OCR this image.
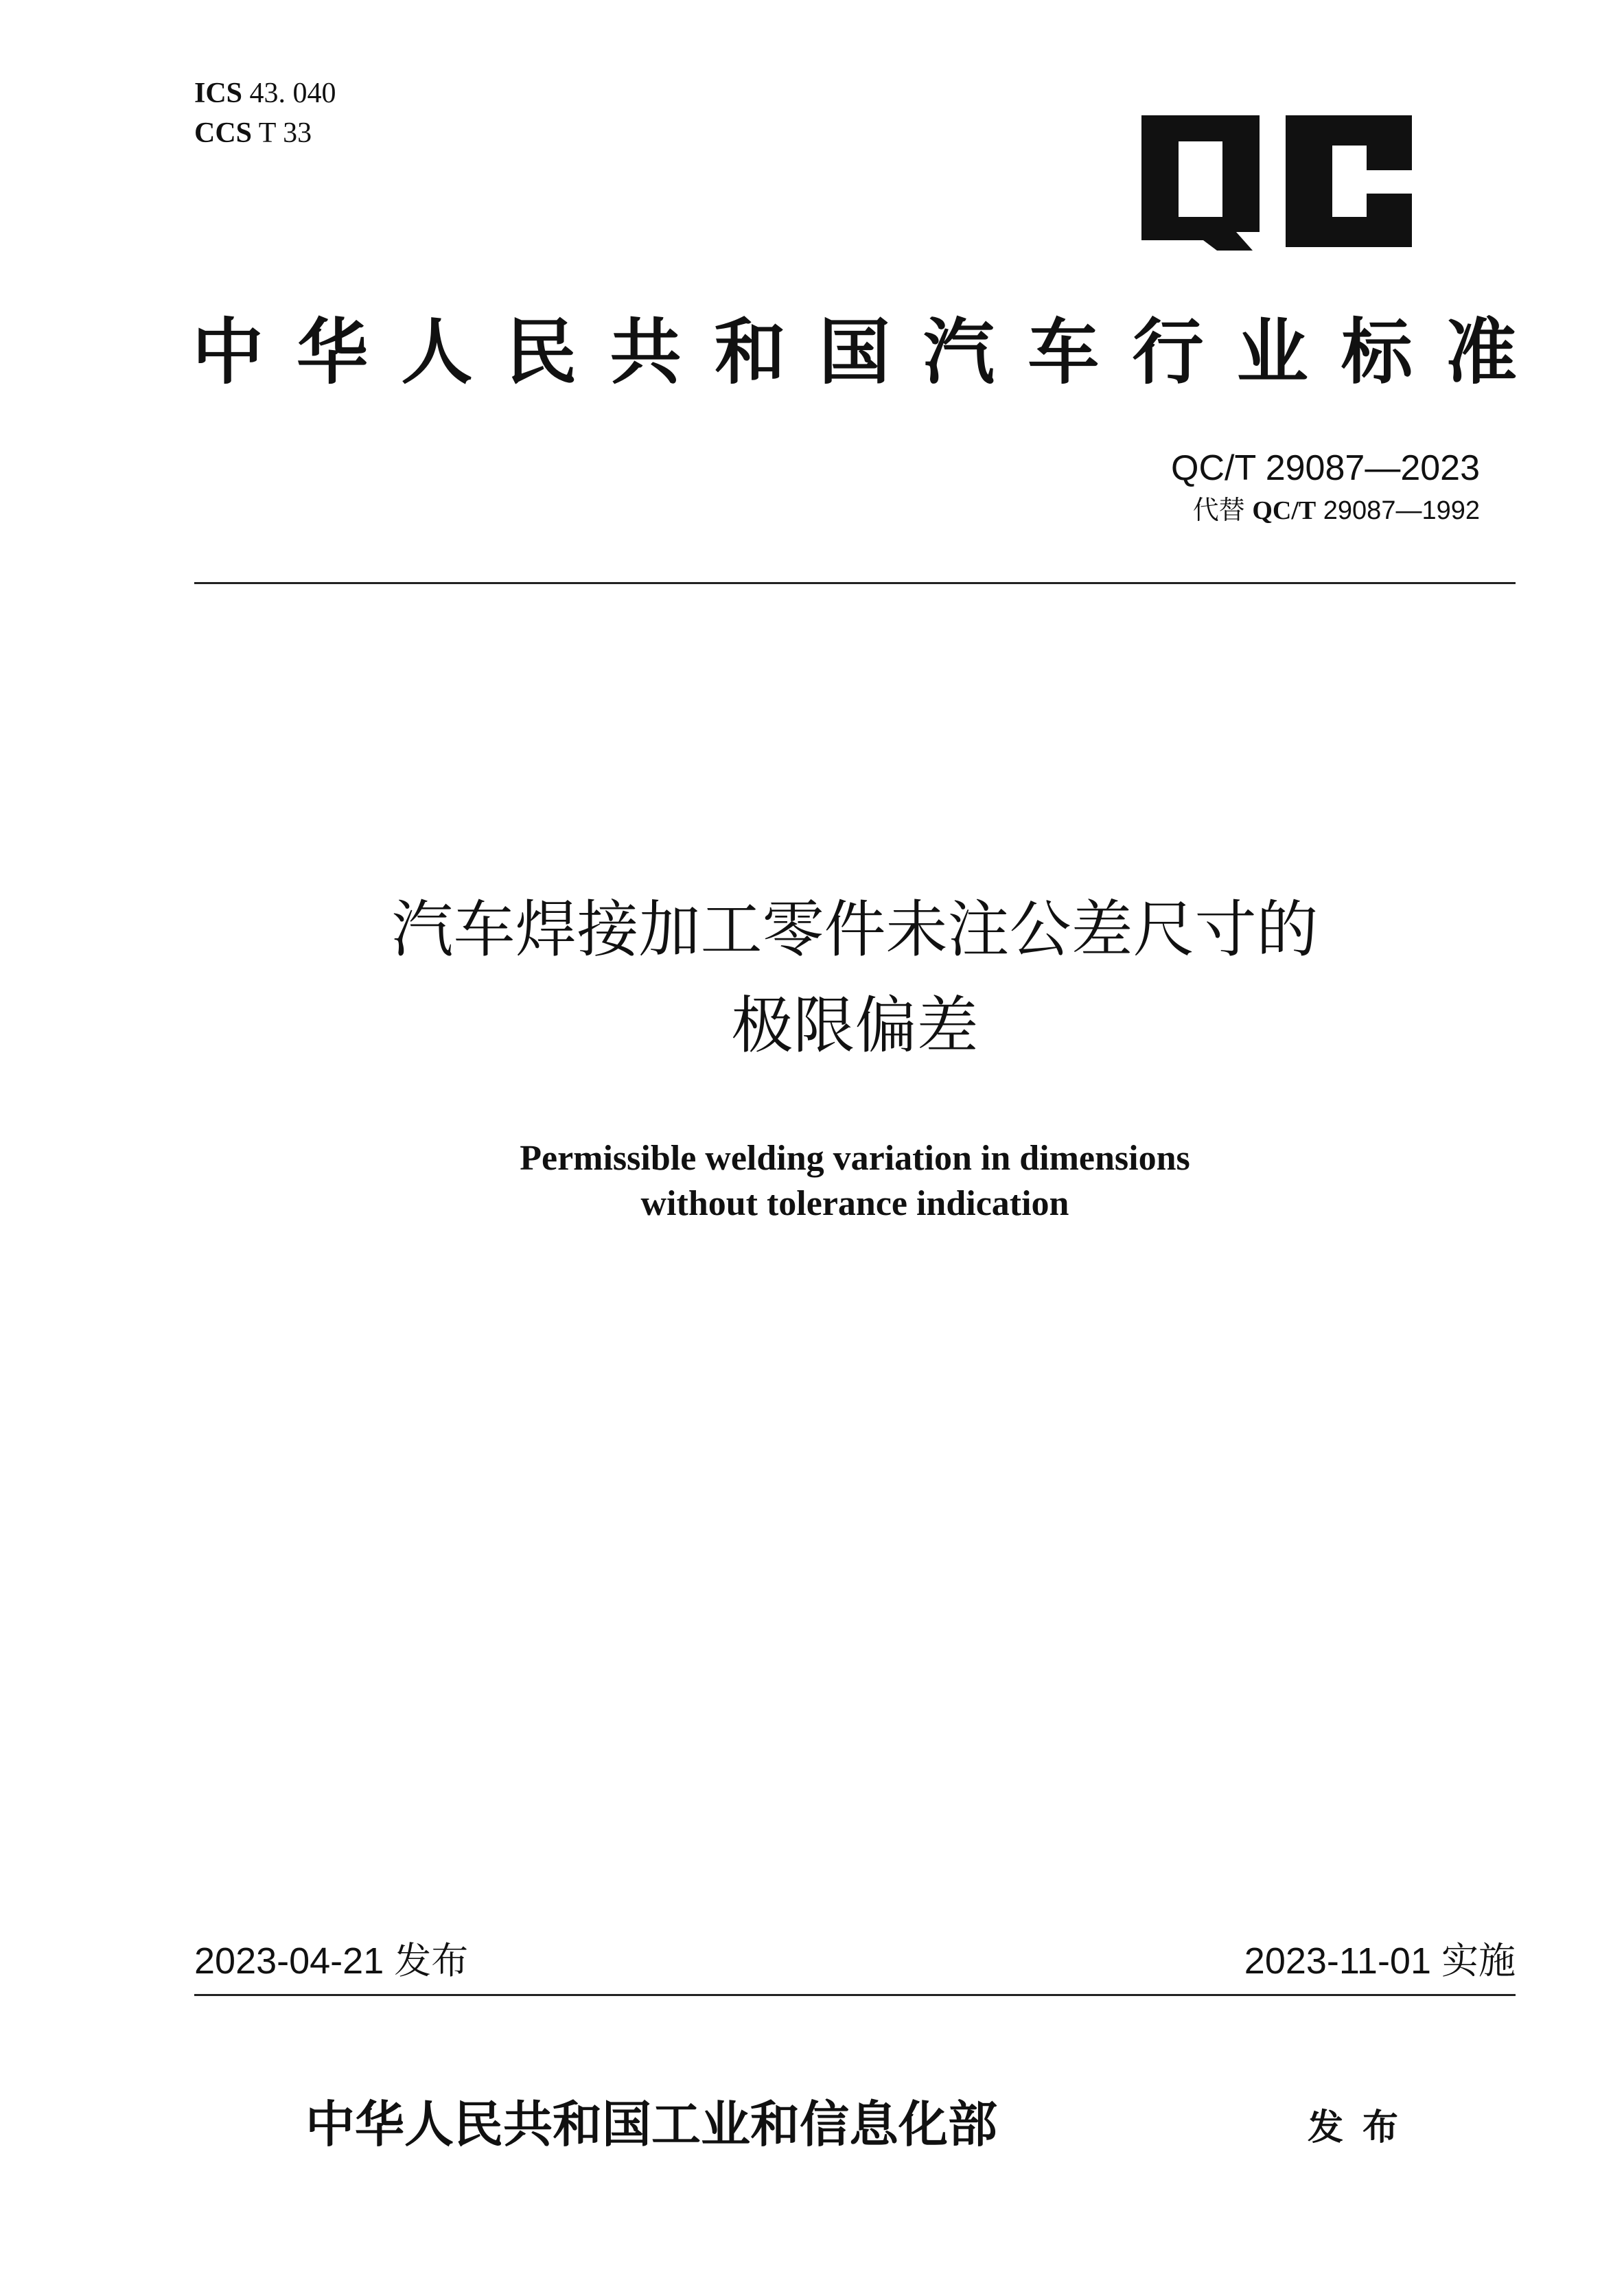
ICS 43. 040
CCS T 33
中华人民共和国汽车行业标准
QC/T 29087—2023
代替 QC/T 29087—1992
汽车焊接加工零件未注公差尺寸的
极限偏差
Permissible welding variation in dimensions
without tolerance indication
2023-04-21 发布	2023-11-01 实施
中华人民共和国工业和信息化部	发布
